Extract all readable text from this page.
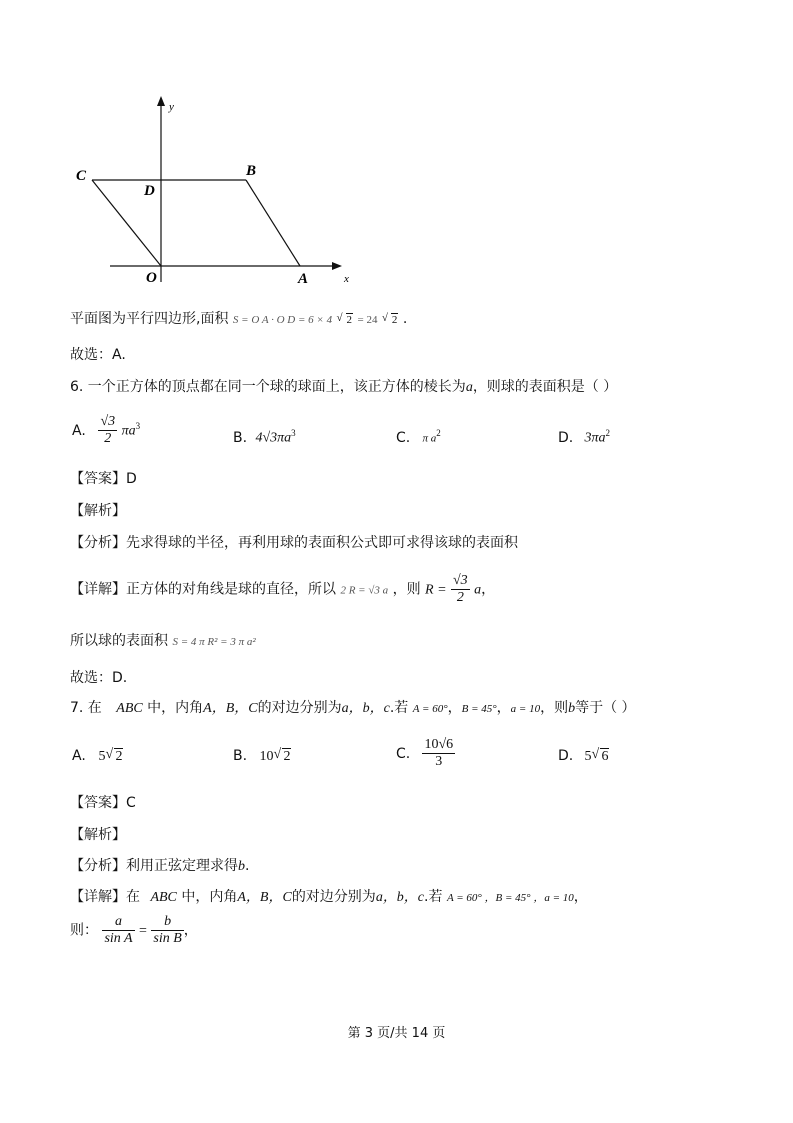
y
x
C	B
D
O	A
平面图为平行四边形,面积 S = O A · O D = 6 × 4 √ 2 = 24 √ 2 .
故选：A.
6. 一个正方体的顶点都在同一个球的球面上，该正方体的棱长为a，则球的表面积是（ ）
A. $\frac{√3}{2} \pi a^3$
B. $4√3\pi a^3$	C. π $a^2$	D. $3\pi a^2$
【答案】D
【解析】
【分析】先求得球的半径，再利用球的表面积公式即可求得该球的表面积
【详解】正方体的对角线是球的直径，所以 2 R = √3 a ，则 $R = \frac{√3}{2}$ a，
所以球的表面积 S = 4 π R² = 3 π a²
故选：D.
7. 在 ABC 中，内角A，B，C的对边分别为a，b，c.若 A = 60°，B = 45°，a = 10，则b等于（ ）
A. 5 √ 2	B. 10 √ 2	C. $\frac{10√6}{3}$	D. 5 √ 6
【答案】C
【解析】
【分析】利用正弦定理求得b.
【详解】在 ABC 中，内角A，B，C的对边分别为a，b，c.若 A = 60° ，B = 45° ，a = 10，
则： $\frac{a}{\text{sin A}} = \frac{b}{\text{sin B}}$ ，
第 3 页/共 14 页
